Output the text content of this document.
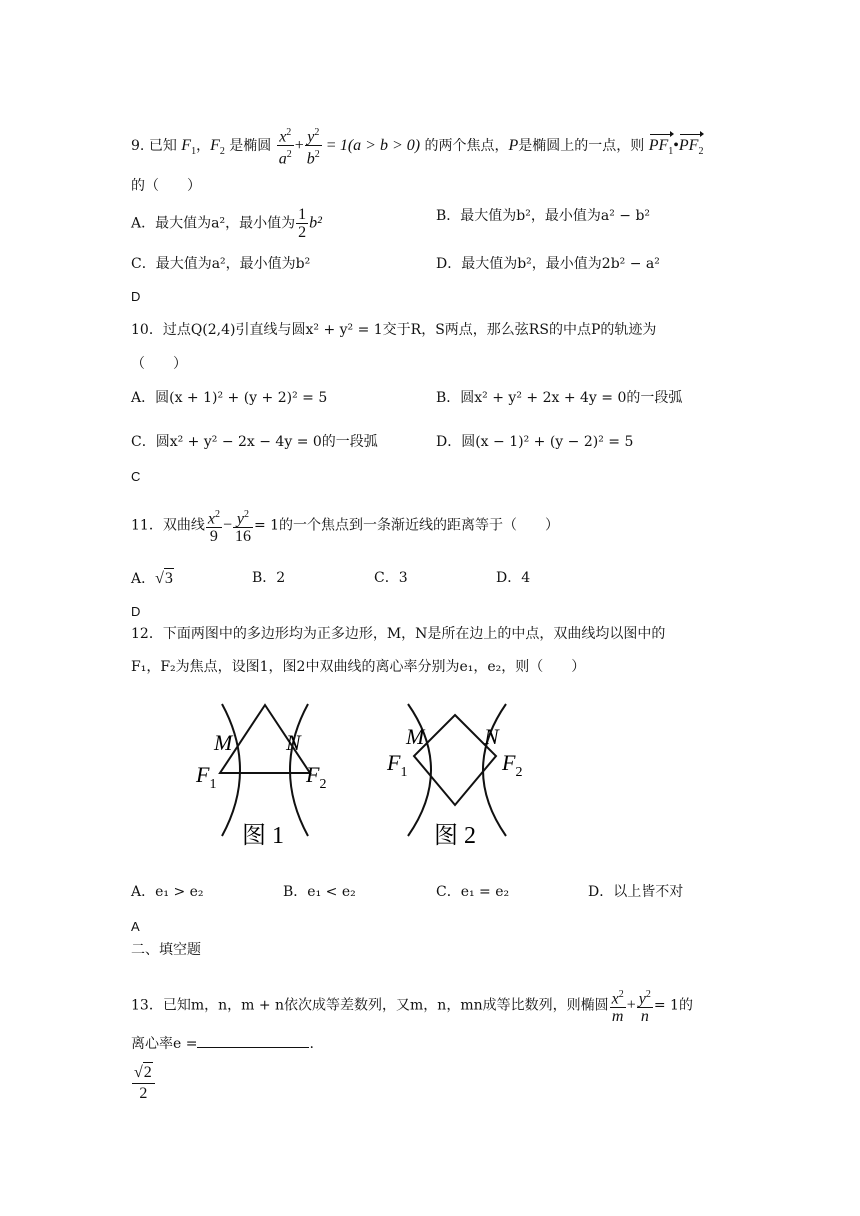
9. 已知 $F_1$，$F_2$ 是椭圆 $\frac{x^2}{a^2} + \frac{y^2}{b^2} = 1(a > b > 0)$ 的两个焦点，P是椭圆上的一点，则 $PF_1•PF_2$
的（　　）
A．最大值为a²，最小值为 $\frac{1}{2} b^2$	B．最大值为b²，最小值为a² − b²
C．最大值为a²，最小值为b²	D．最大值为b²，最小值为2b² − a²
D
10．过点Q(2,4)引直线与圆x² + y² = 1交于R，S两点，那么弦RS的中点P的轨迹为
（　　）
A．圆(x + 1)² + (y + 2)² = 5	B．圆x² + y² + 2x + 4y = 0的一段弧
C．圆x² + y² − 2x − 4y = 0的一段弧	D．圆(x − 1)² + (y − 2)² = 5
C
11．双曲线 $\frac{x^2}{9} - \frac{y^2}{16} = 1$的一个焦点到一条渐近线的距离等于（　　）
A．√3	B．2	C．3	D．4
D
12．下面两图中的多边形均为正多边形，M，N是所在边上的中点，双曲线均以图中的
F₁，F₂为焦点，设图1，图2中双曲线的离心率分别为e₁，e₂，则（　　）
M N
$F_1$	$F_2$
图 1
M	N
$F_1$	$F_2$
图 2
A．e₁ > e₂	B．e₁ < e₂	C．e₁ = e₂	D．以上皆不对
A
二、填空题
13．已知m，n，m + n依次成等差数列，又m，n，mn成等比数列，则椭圆 $\frac{x^2}{m} + \frac{y^2}{n} = 1$的
离心率e =	.
$\frac{√2}{2}$
